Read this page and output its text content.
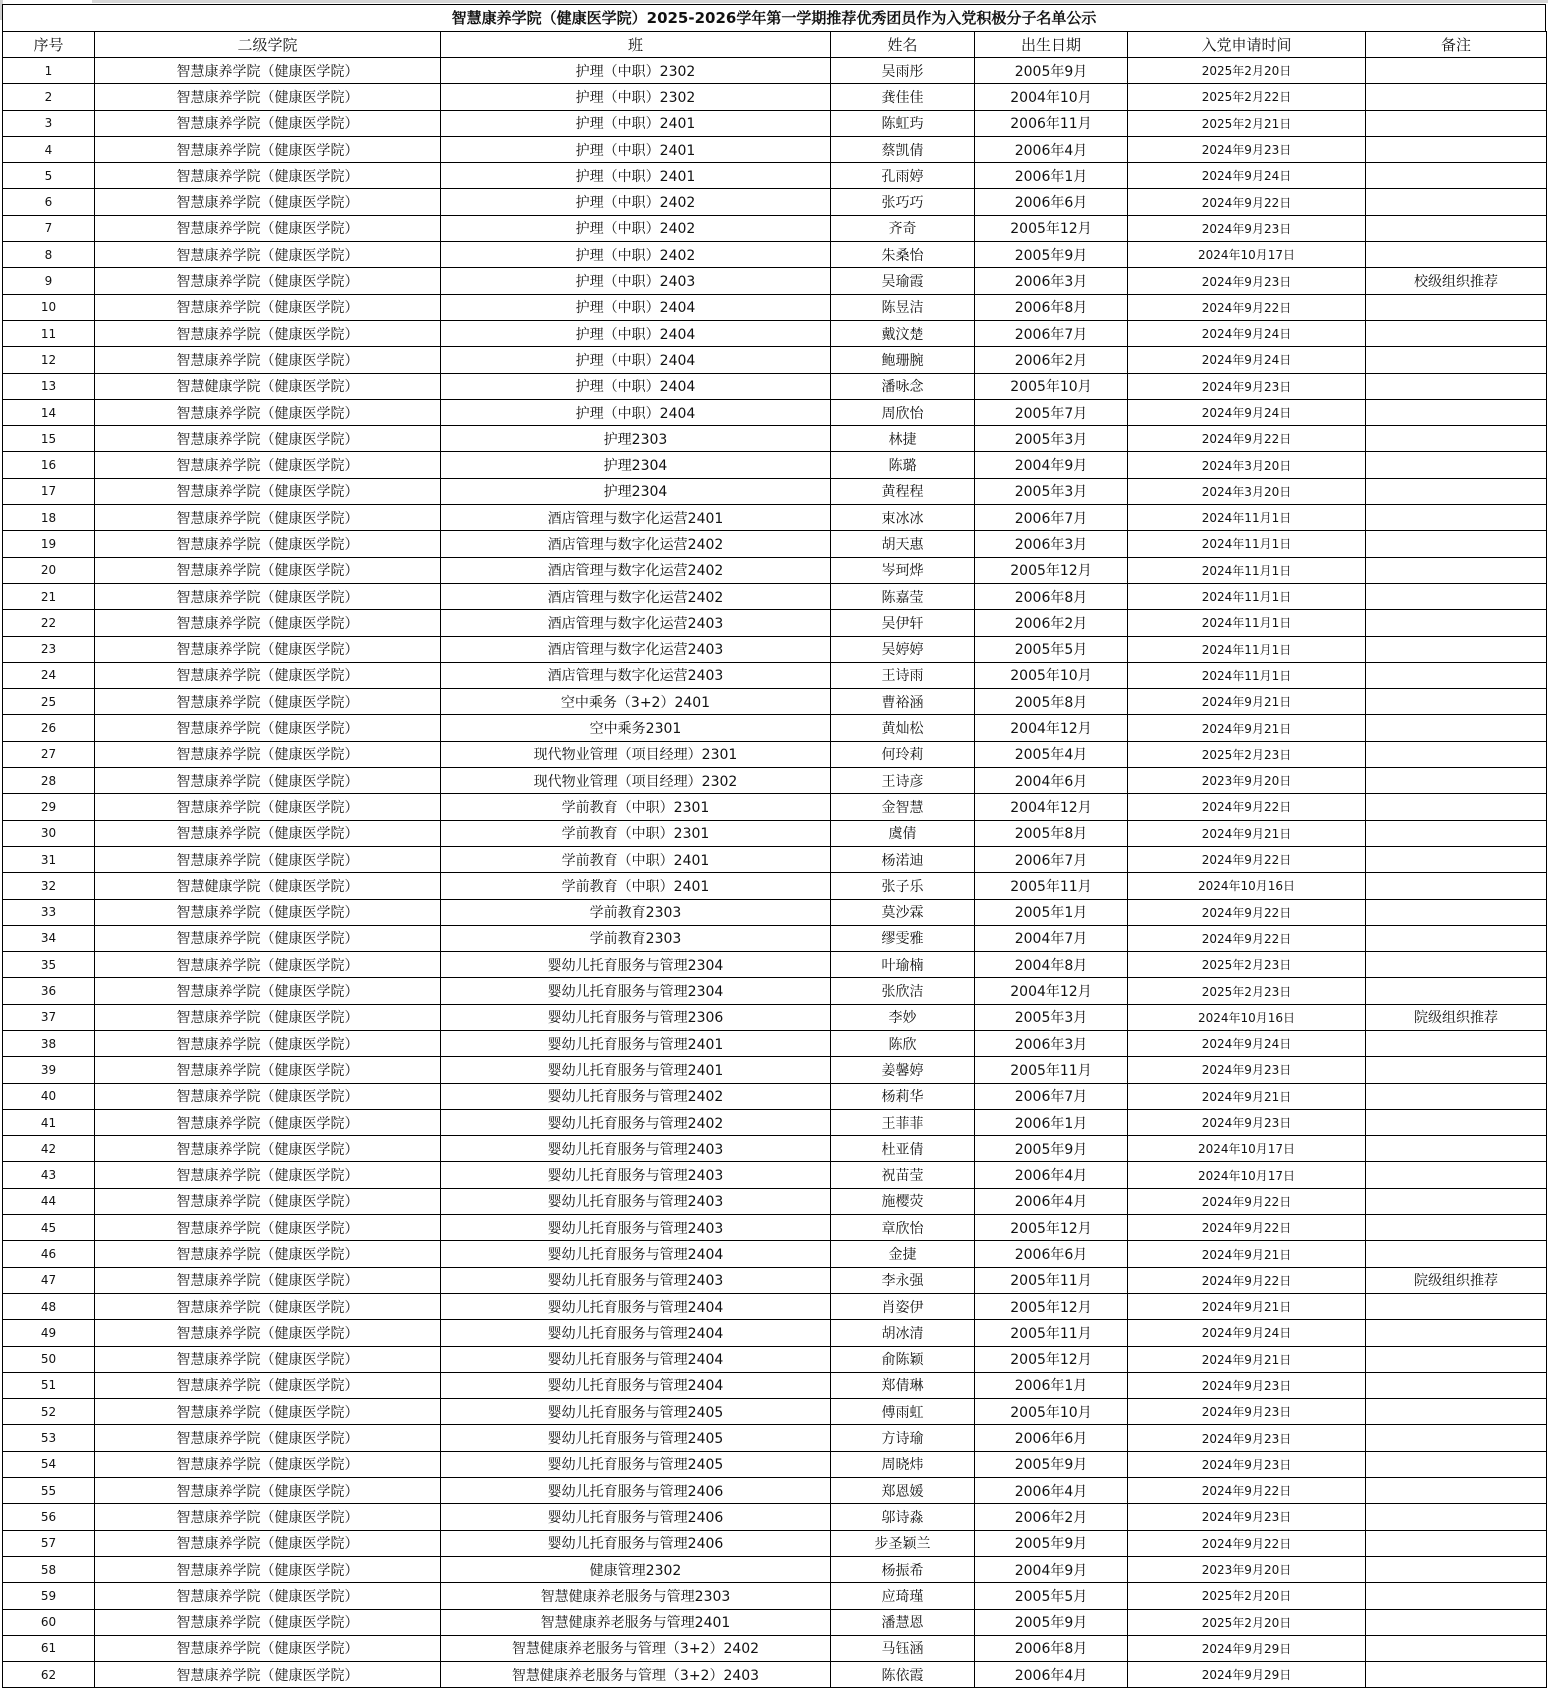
智慧康养学院（健康医学院）2025-2026学年第一学期推荐优秀团员作为入党积极分子名单公示
序号	二级学院	班	姓名	出生日期	入党申请时间	备注
1	智慧康养学院（健康医学院）	护理（中职）2302	吴雨彤	2005年9月	2025年2月20日	
2	智慧康养学院（健康医学院）	护理（中职）2302	龚佳佳	2004年10月	2025年2月22日	
3	智慧康养学院（健康医学院）	护理（中职）2401	陈虹玙	2006年11月	2025年2月21日	
4	智慧康养学院（健康医学院）	护理（中职）2401	蔡凯倩	2006年4月	2024年9月23日	
5	智慧康养学院（健康医学院）	护理（中职）2401	孔雨婷	2006年1月	2024年9月24日	
6	智慧康养学院（健康医学院）	护理（中职）2402	张巧巧	2006年6月	2024年9月22日	
7	智慧康养学院（健康医学院）	护理（中职）2402	齐奇	2005年12月	2024年9月23日	
8	智慧康养学院（健康医学院）	护理（中职）2402	朱桑怡	2005年9月	2024年10月17日	
9	智慧康养学院（健康医学院）	护理（中职）2403	吴瑜霞	2006年3月	2024年9月23日	校级组织推荐
10	智慧康养学院（健康医学院）	护理（中职）2404	陈昱洁	2006年8月	2024年9月22日	
11	智慧康养学院（健康医学院）	护理（中职）2404	戴汶楚	2006年7月	2024年9月24日	
12	智慧康养学院（健康医学院）	护理（中职）2404	鲍珊腕	2006年2月	2024年9月24日	
13	智慧健康学院（健康医学院）	护理（中职）2404	潘咏念	2005年10月	2024年9月23日	
14	智慧康养学院（健康医学院）	护理（中职）2404	周欣怡	2005年7月	2024年9月24日	
15	智慧康养学院（健康医学院）	护理2303	林捷	2005年3月	2024年9月22日	
16	智慧康养学院（健康医学院）	护理2304	陈璐	2004年9月	2024年3月20日	
17	智慧康养学院（健康医学院）	护理2304	黄程程	2005年3月	2024年3月20日	
18	智慧康养学院（健康医学院）	酒店管理与数字化运营2401	束冰冰	2006年7月	2024年11月1日	
19	智慧康养学院（健康医学院）	酒店管理与数字化运营2402	胡天惠	2006年3月	2024年11月1日	
20	智慧康养学院（健康医学院）	酒店管理与数字化运营2402	岑珂烨	2005年12月	2024年11月1日	
21	智慧康养学院（健康医学院）	酒店管理与数字化运营2402	陈嘉莹	2006年8月	2024年11月1日	
22	智慧康养学院（健康医学院）	酒店管理与数字化运营2403	吴伊轩	2006年2月	2024年11月1日	
23	智慧康养学院（健康医学院）	酒店管理与数字化运营2403	吴婷婷	2005年5月	2024年11月1日	
24	智慧康养学院（健康医学院）	酒店管理与数字化运营2403	王诗雨	2005年10月	2024年11月1日	
25	智慧康养学院（健康医学院）	空中乘务（3+2）2401	曹裕涵	2005年8月	2024年9月21日	
26	智慧康养学院（健康医学院）	空中乘务2301	黄灿松	2004年12月	2024年9月21日	
27	智慧康养学院（健康医学院）	现代物业管理（项目经理）2301	何玲莉	2005年4月	2025年2月23日	
28	智慧康养学院（健康医学院）	现代物业管理（项目经理）2302	王诗彦	2004年6月	2023年9月20日	
29	智慧康养学院（健康医学院）	学前教育（中职）2301	金智慧	2004年12月	2024年9月22日	
30	智慧康养学院（健康医学院）	学前教育（中职）2301	虞倩	2005年8月	2024年9月21日	
31	智慧康养学院（健康医学院）	学前教育（中职）2401	杨渃迪	2006年7月	2024年9月22日	
32	智慧健康学院（健康医学院）	学前教育（中职）2401	张子乐	2005年11月	2024年10月16日	
33	智慧康养学院（健康医学院）	学前教育2303	莫沙霖	2005年1月	2024年9月22日	
34	智慧康养学院（健康医学院）	学前教育2303	缪雯雅	2004年7月	2024年9月22日	
35	智慧康养学院（健康医学院）	婴幼儿托育服务与管理2304	叶瑜楠	2004年8月	2025年2月23日	
36	智慧康养学院（健康医学院）	婴幼儿托育服务与管理2304	张欣洁	2004年12月	2025年2月23日	
37	智慧康养学院（健康医学院）	婴幼儿托育服务与管理2306	李妙	2005年3月	2024年10月16日	院级组织推荐
38	智慧康养学院（健康医学院）	婴幼儿托育服务与管理2401	陈欣	2006年3月	2024年9月24日	
39	智慧康养学院（健康医学院）	婴幼儿托育服务与管理2401	姜馨婷	2005年11月	2024年9月23日	
40	智慧康养学院（健康医学院）	婴幼儿托育服务与管理2402	杨莉华	2006年7月	2024年9月21日	
41	智慧康养学院（健康医学院）	婴幼儿托育服务与管理2402	王菲菲	2006年1月	2024年9月23日	
42	智慧康养学院（健康医学院）	婴幼儿托育服务与管理2403	杜亚倩	2005年9月	2024年10月17日	
43	智慧康养学院（健康医学院）	婴幼儿托育服务与管理2403	祝苗莹	2006年4月	2024年10月17日	
44	智慧康养学院（健康医学院）	婴幼儿托育服务与管理2403	施樱荧	2006年4月	2024年9月22日	
45	智慧康养学院（健康医学院）	婴幼儿托育服务与管理2403	章欣怡	2005年12月	2024年9月22日	
46	智慧康养学院（健康医学院）	婴幼儿托育服务与管理2404	金捷	2006年6月	2024年9月21日	
47	智慧康养学院（健康医学院）	婴幼儿托育服务与管理2403	李永强	2005年11月	2024年9月22日	院级组织推荐
48	智慧康养学院（健康医学院）	婴幼儿托育服务与管理2404	肖姿伊	2005年12月	2024年9月21日	
49	智慧康养学院（健康医学院）	婴幼儿托育服务与管理2404	胡冰清	2005年11月	2024年9月24日	
50	智慧康养学院（健康医学院）	婴幼儿托育服务与管理2404	俞陈颖	2005年12月	2024年9月21日	
51	智慧康养学院（健康医学院）	婴幼儿托育服务与管理2404	郑倩琳	2006年1月	2024年9月23日	
52	智慧康养学院（健康医学院）	婴幼儿托育服务与管理2405	傅雨虹	2005年10月	2024年9月23日	
53	智慧康养学院（健康医学院）	婴幼儿托育服务与管理2405	方诗瑜	2006年6月	2024年9月23日	
54	智慧康养学院（健康医学院）	婴幼儿托育服务与管理2405	周晓炜	2005年9月	2024年9月23日	
55	智慧康养学院（健康医学院）	婴幼儿托育服务与管理2406	郑恩媛	2006年4月	2024年9月22日	
56	智慧康养学院（健康医学院）	婴幼儿托育服务与管理2406	邬诗淼	2006年2月	2024年9月23日	
57	智慧康养学院（健康医学院）	婴幼儿托育服务与管理2406	步圣颖兰	2005年9月	2024年9月22日	
58	智慧康养学院（健康医学院）	健康管理2302	杨振希	2004年9月	2023年9月20日	
59	智慧康养学院（健康医学院）	智慧健康养老服务与管理2303	应琦瑾	2005年5月	2025年2月20日	
60	智慧康养学院（健康医学院）	智慧健康养老服务与管理2401	潘慧恩	2005年9月	2025年2月20日	
61	智慧康养学院（健康医学院）	智慧健康养老服务与管理（3+2）2402	马钰涵	2006年8月	2024年9月29日	
62	智慧康养学院（健康医学院）	智慧健康养老服务与管理（3+2）2403	陈依霞	2006年4月	2024年9月29日	
